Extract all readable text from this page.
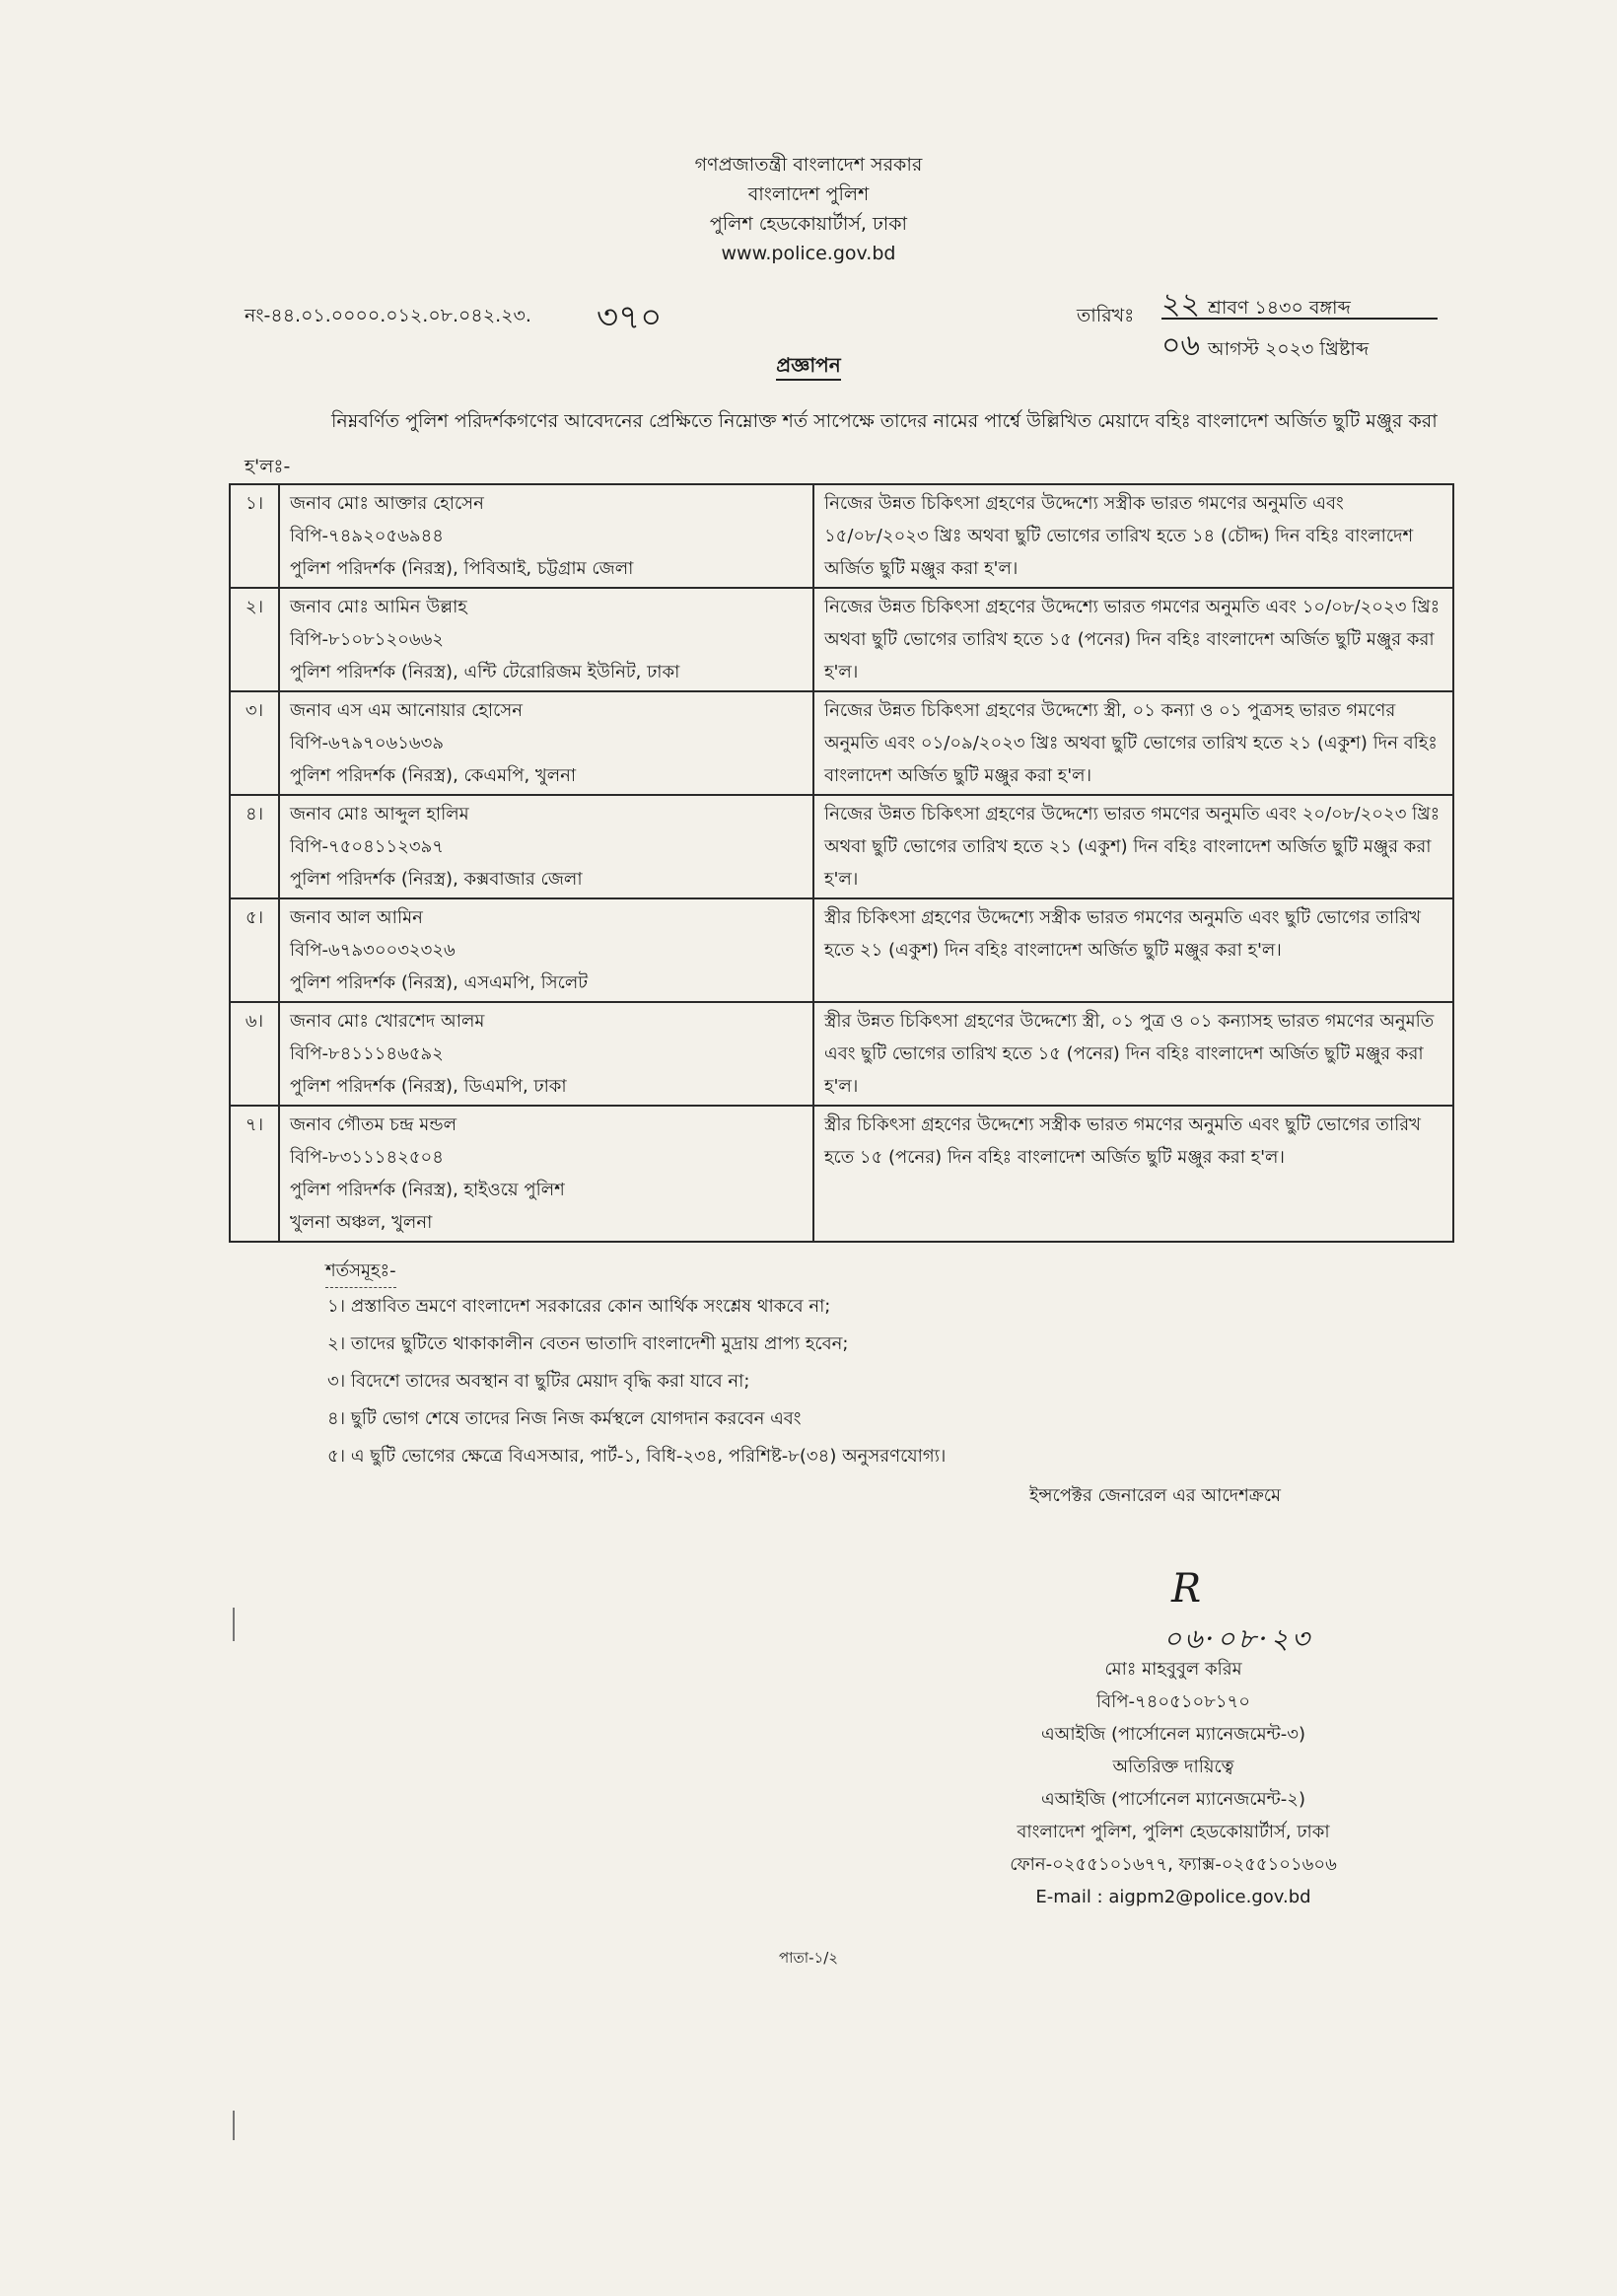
গণপ্রজাতন্ত্রী বাংলাদেশ সরকার
বাংলাদেশ পুলিশ
পুলিশ হেডকোয়ার্টার্স, ঢাকা
www.police.gov.bd
নং-৪৪.০১.০০০০.০১২.০৮.০৪২.২৩. ৩৭০	তারিখঃ ২২ শ্রাবণ ১৪৩০ বঙ্গাব্দ
০৬ আগস্ট ২০২৩ খ্রিষ্টাব্দ
প্রজ্ঞাপন
নিম্নবর্ণিত পুলিশ পরিদর্শকগণের আবেদনের প্রেক্ষিতে নিম্নোক্ত শর্ত সাপেক্ষে তাদের নামের পার্শ্বে উল্লিখিত মেয়াদে বহিঃ বাংলাদেশ অর্জিত ছুটি মঞ্জুর করা হ'লঃ-
১।	জনাব মোঃ আক্তার হোসেন
বিপি-৭৪৯২০৫৬৯৪৪
পুলিশ পরিদর্শক (নিরস্ত্র), পিবিআই, চট্টগ্রাম জেলা	নিজের উন্নত চিকিৎসা গ্রহণের উদ্দেশ্যে সস্ত্রীক ভারত গমণের অনুমতি এবং ১৫/০৮/২০২৩ খ্রিঃ অথবা ছুটি ভোগের তারিখ হতে ১৪ (চৌদ্দ) দিন বহিঃ বাংলাদেশ অর্জিত ছুটি মঞ্জুর করা হ'ল।
২।	জনাব মোঃ আমিন উল্লাহ
বিপি-৮১০৮১২০৬৬২
পুলিশ পরিদর্শক (নিরস্ত্র), এন্টি টেরোরিজম ইউনিট, ঢাকা	নিজের উন্নত চিকিৎসা গ্রহণের উদ্দেশ্যে ভারত গমণের অনুমতি এবং ১০/০৮/২০২৩ খ্রিঃ অথবা ছুটি ভোগের তারিখ হতে ১৫ (পনের) দিন বহিঃ বাংলাদেশ অর্জিত ছুটি মঞ্জুর করা হ'ল।
৩।	জনাব এস এম আনোয়ার হোসেন
বিপি-৬৭৯৭০৬১৬৩৯
পুলিশ পরিদর্শক (নিরস্ত্র), কেএমপি, খুলনা	নিজের উন্নত চিকিৎসা গ্রহণের উদ্দেশ্যে স্ত্রী, ০১ কন্যা ও ০১ পুত্রসহ ভারত গমণের অনুমতি এবং ০১/০৯/২০২৩ খ্রিঃ অথবা ছুটি ভোগের তারিখ হতে ২১ (একুশ) দিন বহিঃ বাংলাদেশ অর্জিত ছুটি মঞ্জুর করা হ'ল।
৪।	জনাব মোঃ আব্দুল হালিম
বিপি-৭৫০৪১১২৩৯৭
পুলিশ পরিদর্শক (নিরস্ত্র), কক্সবাজার জেলা	নিজের উন্নত চিকিৎসা গ্রহণের উদ্দেশ্যে ভারত গমণের অনুমতি এবং ২০/০৮/২০২৩ খ্রিঃ অথবা ছুটি ভোগের তারিখ হতে ২১ (একুশ) দিন বহিঃ বাংলাদেশ অর্জিত ছুটি মঞ্জুর করা হ'ল।
৫।	জনাব আল আমিন
বিপি-৬৭৯৩০০৩২৩২৬
পুলিশ পরিদর্শক (নিরস্ত্র), এসএমপি, সিলেট	স্ত্রীর চিকিৎসা গ্রহণের উদ্দেশ্যে সস্ত্রীক ভারত গমণের অনুমতি এবং ছুটি ভোগের তারিখ হতে ২১ (একুশ) দিন বহিঃ বাংলাদেশ অর্জিত ছুটি মঞ্জুর করা হ'ল।
৬।	জনাব মোঃ খোরশেদ আলম
বিপি-৮৪১১১৪৬৫৯২
পুলিশ পরিদর্শক (নিরস্ত্র), ডিএমপি, ঢাকা	স্ত্রীর উন্নত চিকিৎসা গ্রহণের উদ্দেশ্যে স্ত্রী, ০১ পুত্র ও ০১ কন্যাসহ ভারত গমণের অনুমতি এবং ছুটি ভোগের তারিখ হতে ১৫ (পনের) দিন বহিঃ বাংলাদেশ অর্জিত ছুটি মঞ্জুর করা হ'ল।
৭।	জনাব গৌতম চন্দ্র মন্ডল
বিপি-৮৩১১১৪২৫০৪
পুলিশ পরিদর্শক (নিরস্ত্র), হাইওয়ে পুলিশ
খুলনা অঞ্চল, খুলনা	স্ত্রীর চিকিৎসা গ্রহণের উদ্দেশ্যে সস্ত্রীক ভারত গমণের অনুমতি এবং ছুটি ভোগের তারিখ হতে ১৫ (পনের) দিন বহিঃ বাংলাদেশ অর্জিত ছুটি মঞ্জুর করা হ'ল।
শর্তসমূহঃ-
১। প্রস্তাবিত ভ্রমণে বাংলাদেশ সরকারের কোন আর্থিক সংশ্লেষ থাকবে না;
২। তাদের ছুটিতে থাকাকালীন বেতন ভাতাদি বাংলাদেশী মুদ্রায় প্রাপ্য হবেন;
৩। বিদেশে তাদের অবস্থান বা ছুটির মেয়াদ বৃদ্ধি করা যাবে না;
৪। ছুটি ভোগ শেষে তাদের নিজ নিজ কর্মস্থলে যোগদান করবেন এবং
৫। এ ছুটি ভোগের ক্ষেত্রে বিএসআর, পার্ট-১, বিধি-২৩৪, পরিশিষ্ট-৮(৩৪) অনুসরণযোগ্য।
ইন্সপেক্টর জেনারেল এর আদেশক্রমে
R
০৬·০৮·২৩
মোঃ মাহবুবুল করিম
বিপি-৭৪০৫১০৮১৭০
এআইজি (পার্সোনেল ম্যানেজমেন্ট-৩)
অতিরিক্ত দায়িত্বে
এআইজি (পার্সোনেল ম্যানেজমেন্ট-২)
বাংলাদেশ পুলিশ, পুলিশ হেডকোয়ার্টার্স, ঢাকা
ফোন-০২৫৫১০১৬৭৭, ফ্যাক্স-০২৫৫১০১৬০৬
E-mail : aigpm2@police.gov.bd
পাতা-১/২
